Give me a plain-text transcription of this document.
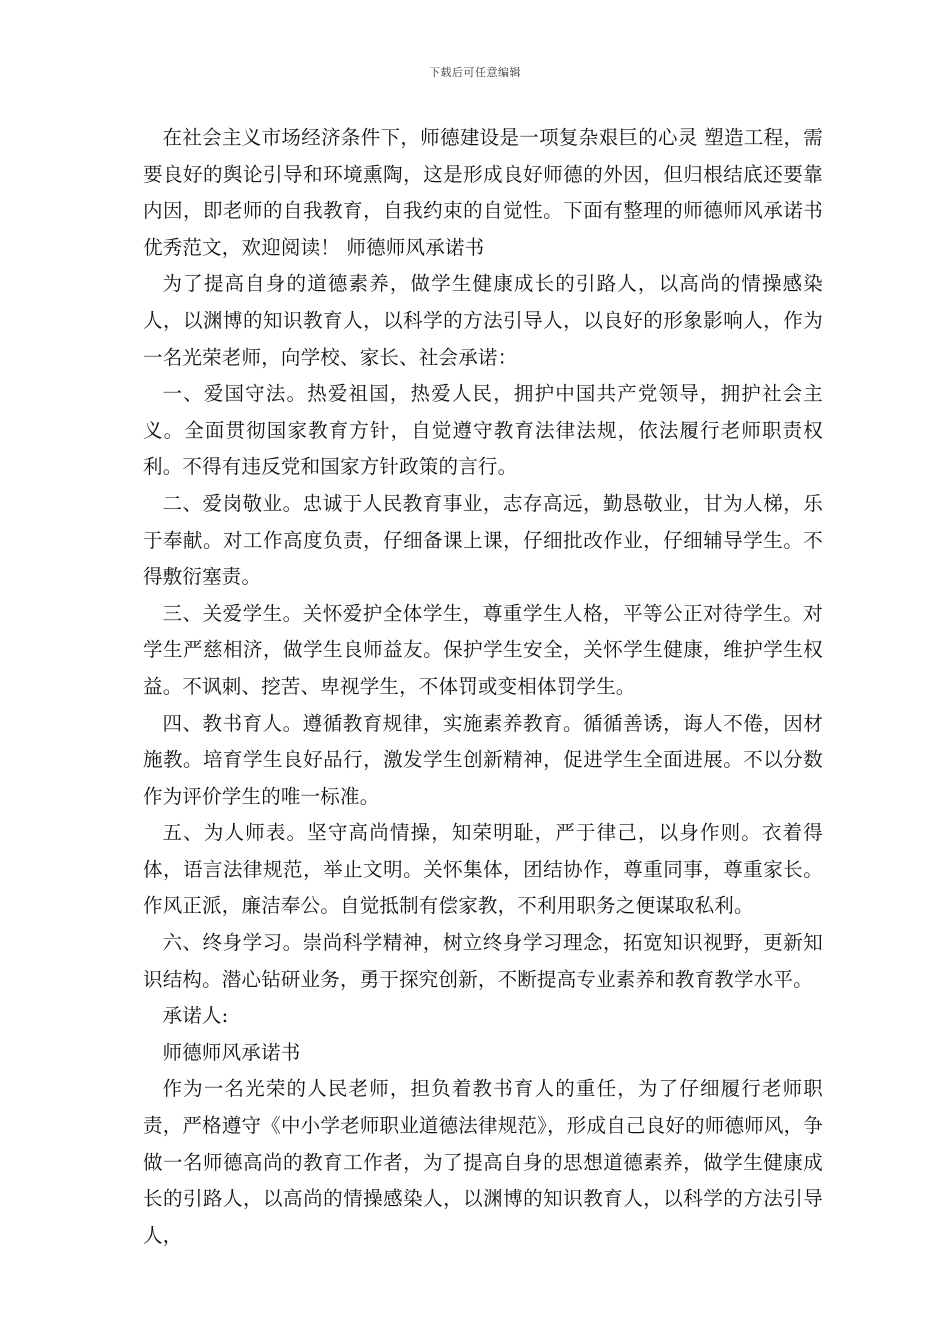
下载后可任意编辑

在社会主义市场经济条件下，师德建设是一项复杂艰巨的心灵 塑造工程，需要良好的舆论引导和环境熏陶，这是形成良好师德的外因，但归根结底还要靠内因，即老师的自我教育，自我约束的自觉性。下面有整理的师德师风承诺书优秀范文，欢迎阅读！ 师德师风承诺书

为了提高自身的道德素养，做学生健康成长的引路人，以高尚的情操感染人，以渊博的知识教育人，以科学的方法引导人，以良好的形象影响人，作为一名光荣老师，向学校、家长、社会承诺：

一、爱国守法。热爱祖国，热爱人民，拥护中国共产党领导，拥护社会主义。全面贯彻国家教育方针，自觉遵守教育法律法规，依法履行老师职责权利。不得有违反党和国家方针政策的言行。

二、爱岗敬业。忠诚于人民教育事业，志存高远，勤恳敬业，甘为人梯，乐于奉献。对工作高度负责，仔细备课上课，仔细批改作业，仔细辅导学生。不得敷衍塞责。

三、关爱学生。关怀爱护全体学生，尊重学生人格，平等公正对待学生。对学生严慈相济，做学生良师益友。保护学生安全，关怀学生健康，维护学生权益。不讽刺、挖苦、卑视学生，不体罚或变相体罚学生。

四、教书育人。遵循教育规律，实施素养教育。循循善诱，诲人不倦，因材施教。培育学生良好品行，激发学生创新精神，促进学生全面进展。不以分数作为评价学生的唯一标准。

五、为人师表。坚守高尚情操，知荣明耻，严于律己，以身作则。衣着得体，语言法律规范，举止文明。关怀集体，团结协作，尊重同事，尊重家长。作风正派，廉洁奉公。自觉抵制有偿家教，不利用职务之便谋取私利。

六、终身学习。崇尚科学精神，树立终身学习理念，拓宽知识视野，更新知识结构。潜心钻研业务，勇于探究创新，不断提高专业素养和教育教学水平。

承诺人:

师德师风承诺书

作为一名光荣的人民老师，担负着教书育人的重任，为了仔细履行老师职责，严格遵守《中小学老师职业道德法律规范》，形成自己良好的师德师风，争做一名师德高尚的教育工作者，为了提高自身的思想道德素养，做学生健康成长的引路人，以高尚的情操感染人，以渊博的知识教育人，以科学的方法引导人，
